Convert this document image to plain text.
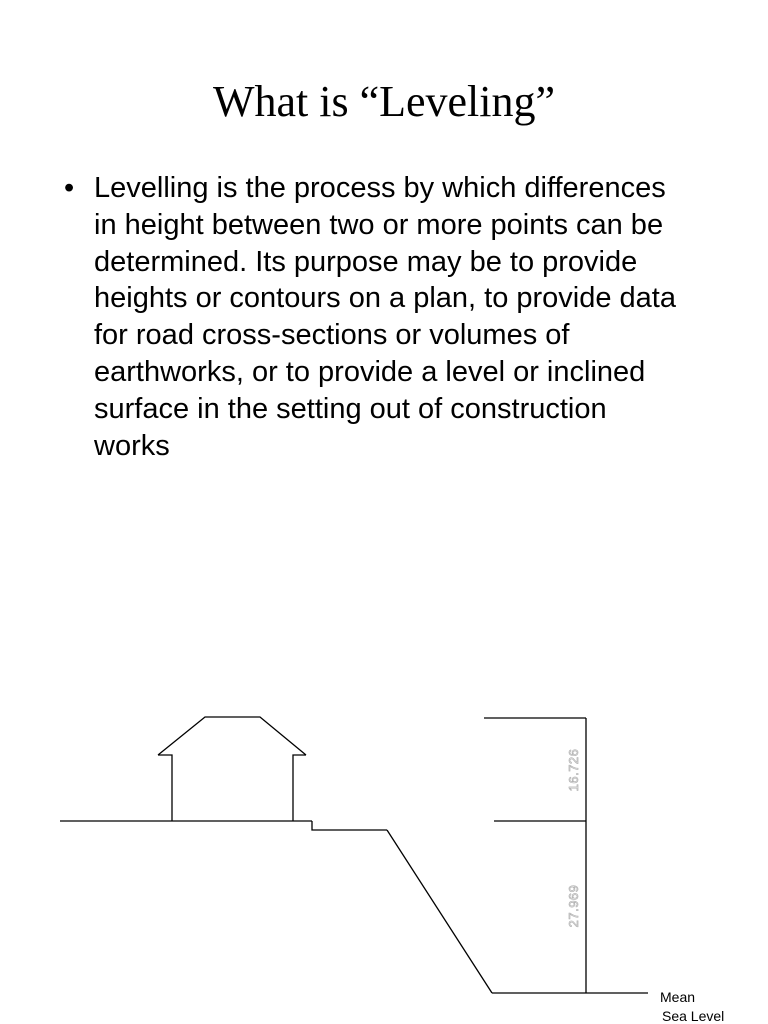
What is “Leveling”
• Levelling is the process by which differences in height between two or more points can be determined. Its purpose may be to provide heights or contours on a plan, to provide data for road cross-sections or volumes of earthworks, or to provide a level or inclined surface in the setting out of construction works
16.726
27.969
Mean
Sea Level
